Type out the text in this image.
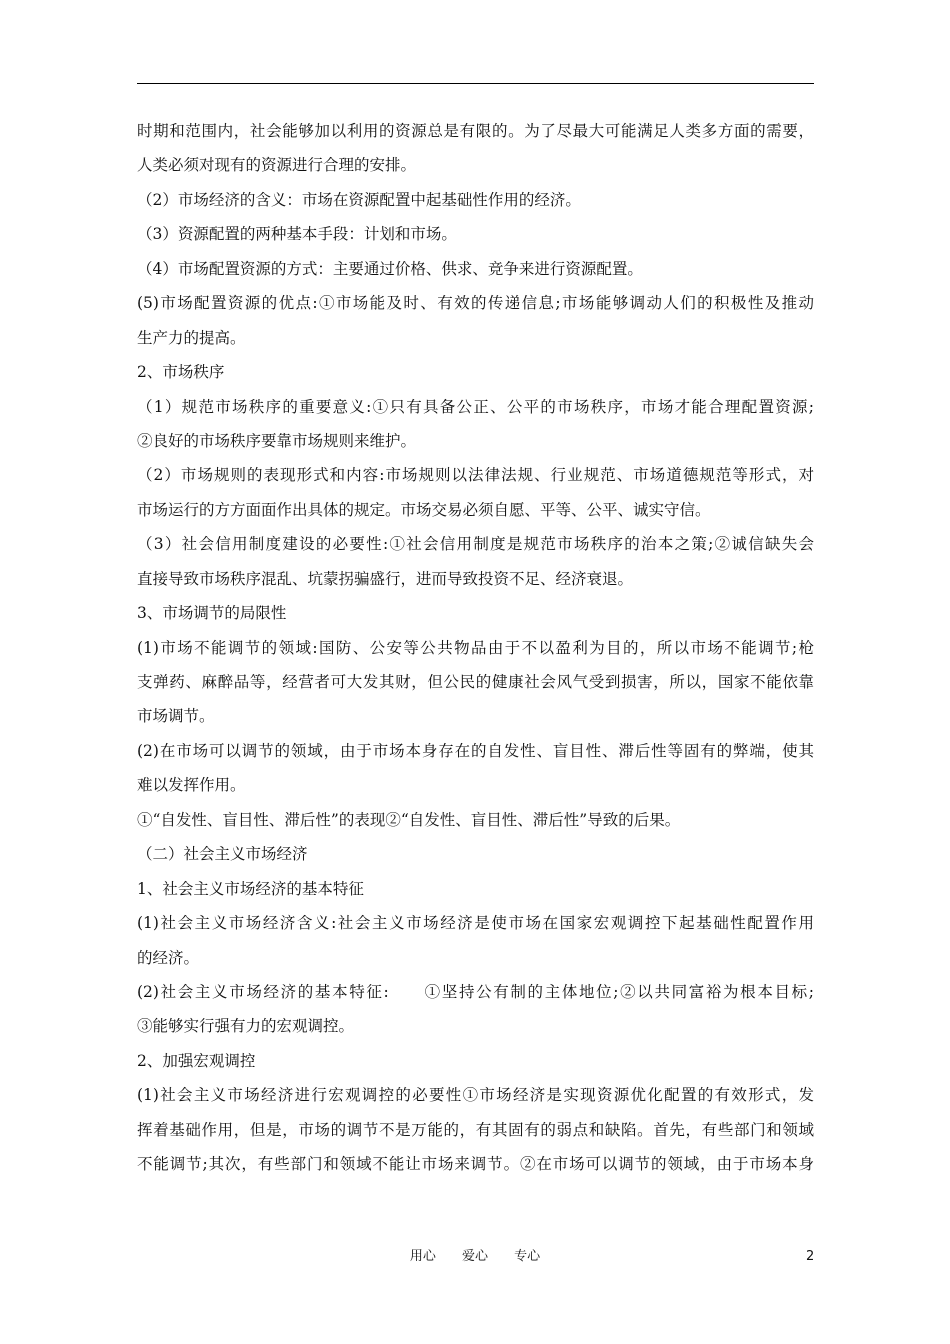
时期和范围内，社会能够加以利用的资源总是有限的。为了尽最大可能满足人类多方面的需要，
人类必须对现有的资源进行合理的安排。
（2）市场经济的含义：市场在资源配置中起基础性作用的经济。
（3）资源配置的两种基本手段：计划和市场。
（4）市场配置资源的方式：主要通过价格、供求、竞争来进行资源配置。
(5)市场配置资源的优点:①市场能及时、有效的传递信息;市场能够调动人们的积极性及推动
生产力的提高。
2、市场秩序
（1）规范市场秩序的重要意义:①只有具备公正、公平的市场秩序，市场才能合理配置资源;
②良好的市场秩序要靠市场规则来维护。
（2）市场规则的表现形式和内容:市场规则以法律法规、行业规范、市场道德规范等形式，对
市场运行的方方面面作出具体的规定。市场交易必须自愿、平等、公平、诚实守信。
（3）社会信用制度建设的必要性:①社会信用制度是规范市场秩序的治本之策;②诚信缺失会
直接导致市场秩序混乱、坑蒙拐骗盛行，进而导致投资不足、经济衰退。
3、市场调节的局限性
(1)市场不能调节的领域:国防、公安等公共物品由于不以盈利为目的，所以市场不能调节;枪
支弹药、麻醉品等，经营者可大发其财，但公民的健康社会风气受到损害，所以，国家不能依靠
市场调节。
(2)在市场可以调节的领域，由于市场本身存在的自发性、盲目性、滞后性等固有的弊端，使其
难以发挥作用。
①“自发性、盲目性、滞后性”的表现②“自发性、盲目性、滞后性”导致的后果。
（二）社会主义市场经济
1、社会主义市场经济的基本特征
(1)社会主义市场经济含义:社会主义市场经济是使市场在国家宏观调控下起基础性配置作用
的经济。
(2)社会主义市场经济的基本特征:　　①坚持公有制的主体地位;②以共同富裕为根本目标;
③能够实行强有力的宏观调控。
2、加强宏观调控
(1)社会主义市场经济进行宏观调控的必要性①市场经济是实现资源优化配置的有效形式，发
挥着基础作用，但是，市场的调节不是万能的，有其固有的弱点和缺陷。首先，有些部门和领域
不能调节;其次，有些部门和领域不能让市场来调节。②在市场可以调节的领域，由于市场本身
用心 爱心 专心	2
